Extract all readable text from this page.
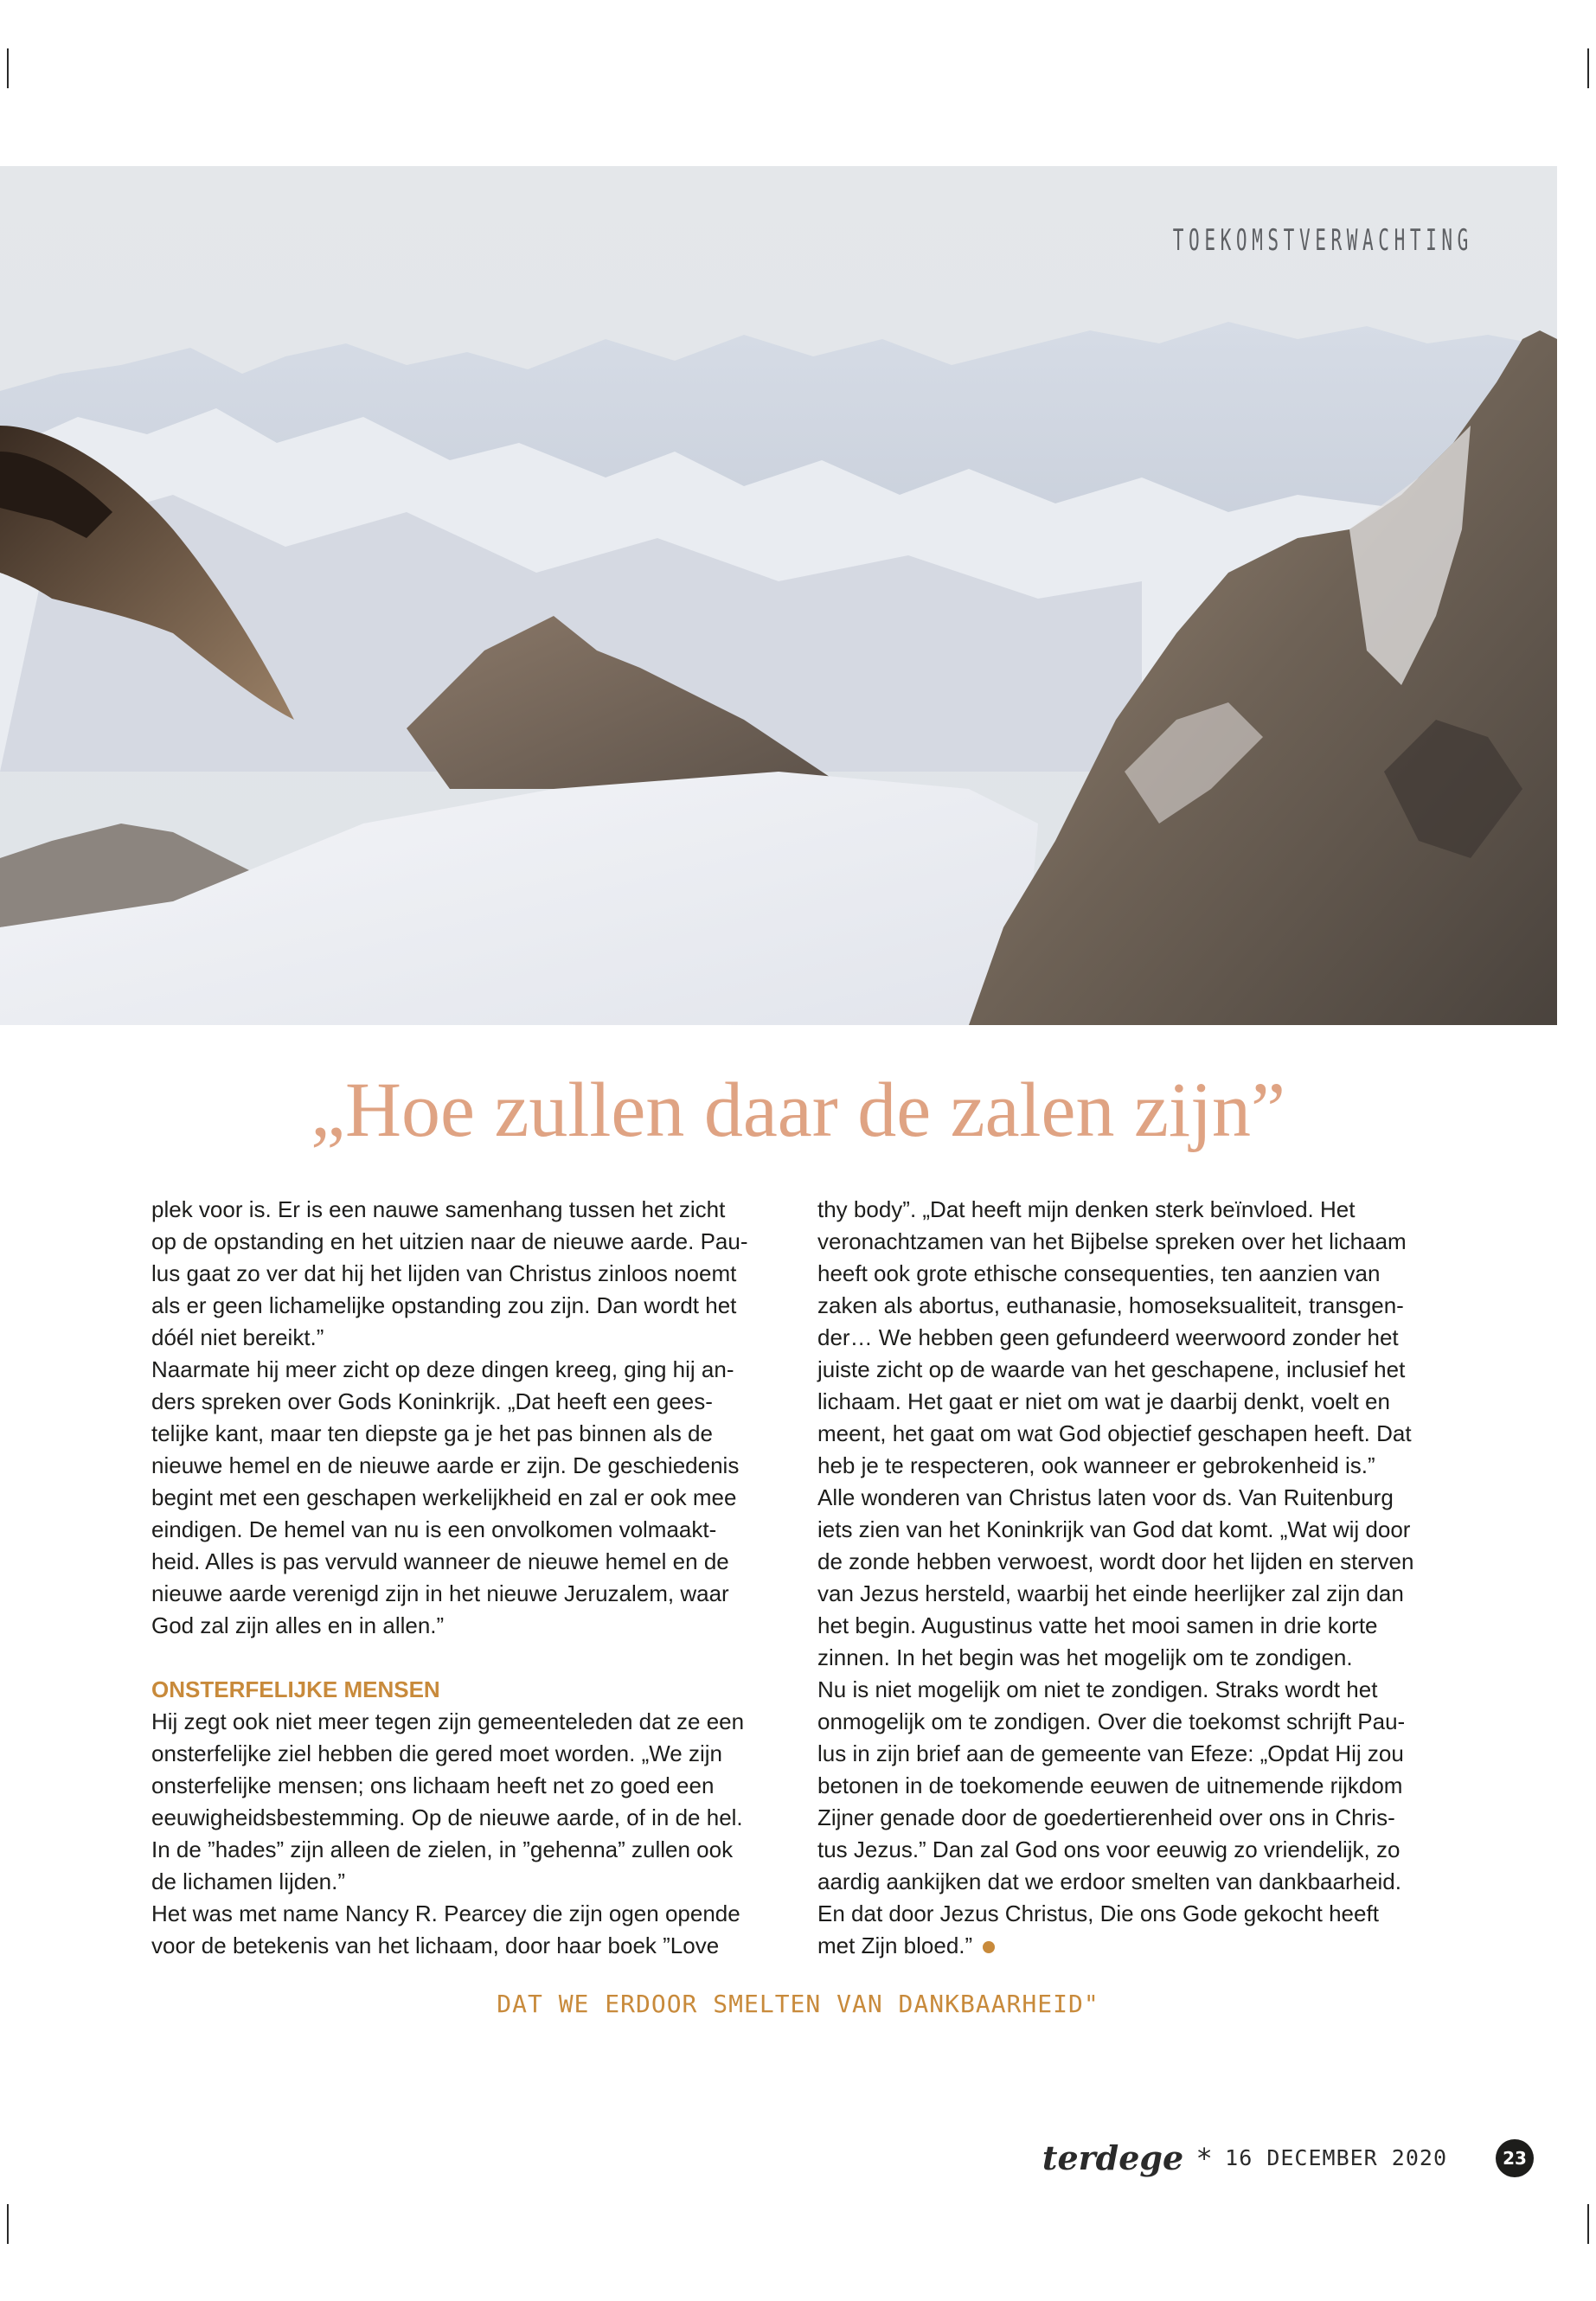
TOEKOMSTVERWACHTING
„Hoe zullen daar de zalen zijn”

plek voor is. Er is een nauwe samenhang tussen het zicht

op de opstanding en het uitzien naar de nieuwe aarde. Pau-

lus gaat zo ver dat hij het lijden van Christus zinloos noemt

als er geen lichamelijke opstanding zou zijn. Dan wordt het

dóél niet bereikt.”

Naarmate hij meer zicht op deze dingen kreeg, ging hij an-

ders spreken over Gods Koninkrijk. „Dat heeft een gees-

telijke kant, maar ten diepste ga je het pas binnen als de

nieuwe hemel en de nieuwe aarde er zijn. De geschiedenis

begint met een geschapen werkelijkheid en zal er ook mee

eindigen. De hemel van nu is een onvolkomen volmaakt-

heid. Alles is pas vervuld wanneer de nieuwe hemel en de

nieuwe aarde verenigd zijn in het nieuwe Jeruzalem, waar

God zal zijn alles en in allen.”

ONSTERFELIJKE MENSEN

Hij zegt ook niet meer tegen zijn gemeenteleden dat ze een

onsterfelijke ziel hebben die gered moet worden. „We zijn

onsterfelijke mensen; ons lichaam heeft net zo goed een

eeuwigheidsbestemming. Op de nieuwe aarde, of in de hel.

In de ”hades” zijn alleen de zielen, in ”gehenna” zullen ook

de lichamen lijden.”

Het was met name Nancy R. Pearcey die zijn ogen opende

voor de betekenis van het lichaam, door haar boek ”Love

thy body”. „Dat heeft mijn denken sterk beïnvloed. Het

veronachtzamen van het Bijbelse spreken over het lichaam

heeft ook grote ethische consequenties, ten aanzien van

zaken als abortus, euthanasie, homoseksualiteit, transgen-

der… We hebben geen gefundeerd weerwoord zonder het

juiste zicht op de waarde van het geschapene, inclusief het

lichaam. Het gaat er niet om wat je daarbij denkt, voelt en

meent, het gaat om wat God objectief geschapen heeft. Dat

heb je te respecteren, ook wanneer er gebrokenheid is.”

Alle wonderen van Christus laten voor ds. Van Ruitenburg

iets zien van het Koninkrijk van God dat komt. „Wat wij door

de zonde hebben verwoest, wordt door het lijden en sterven

van Jezus hersteld, waarbij het einde heerlijker zal zijn dan

het begin. Augustinus vatte het mooi samen in drie korte

zinnen. In het begin was het mogelijk om te zondigen.

Nu is niet mogelijk om niet te zondigen. Straks wordt het

onmogelijk om te zondigen. Over die toekomst schrijft Pau-

lus in zijn brief aan de gemeente van Efeze: „Opdat Hij zou

betonen in de toekomende eeuwen de uitnemende rijkdom

Zijner genade door de goedertierenheid over ons in Chris-

tus Jezus.” Dan zal God ons voor eeuwig zo vriendelijk, zo

aardig aankijken dat we erdoor smelten van dankbaarheid.

En dat door Jezus Christus, Die ons Gode gekocht heeft

met Zijn bloed.”

DAT WE ERDOOR SMELTEN VAN DANKBAARHEID"
terdege * 16 DECEMBER 2020	23
